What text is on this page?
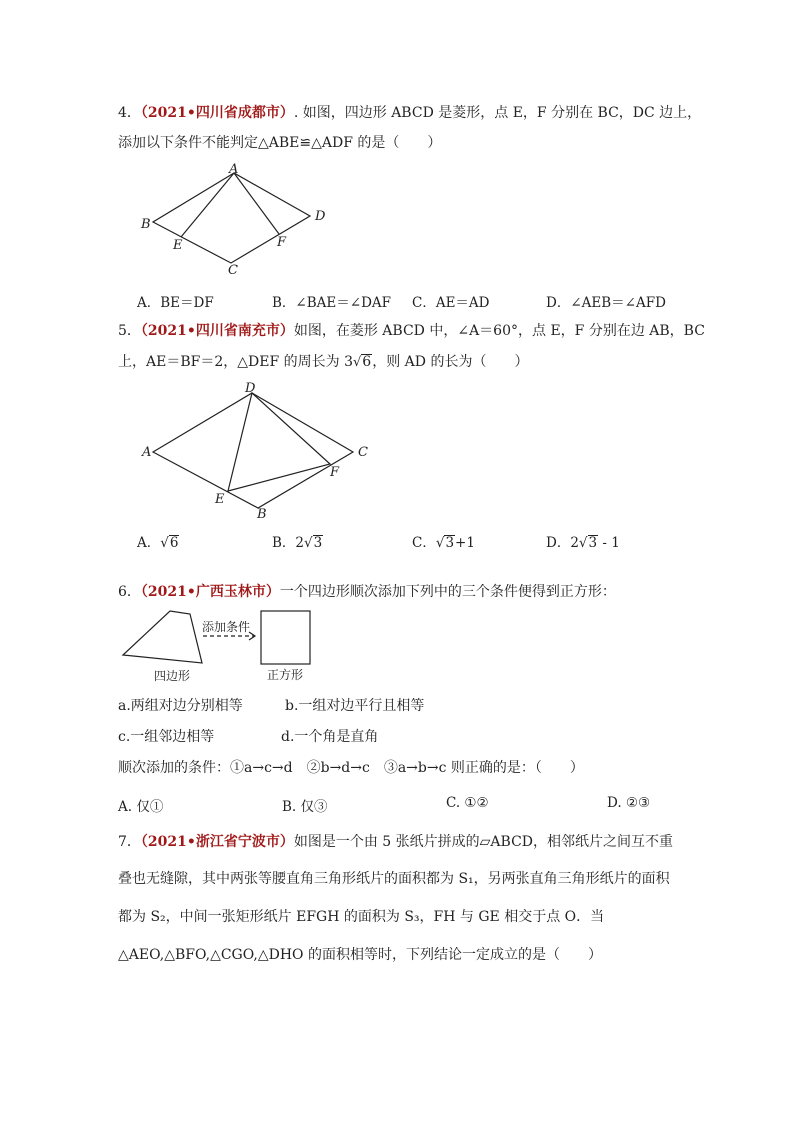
4．（2021•四川省成都市）. 如图，四边形 ABCD 是菱形，点 E，F 分别在 BC，DC 边上，
添加以下条件不能判定△ABE≌△ADF 的是（　　）
A
B
C
D
E	F
A．BE＝DF	B．∠BAE＝∠DAF C．AE＝AD	D．∠AEB＝∠AFD
5．（2021•四川省南充市）如图，在菱形 ABCD 中，∠A＝60°，点 E，F 分别在边 AB，BC
上，AE＝BF＝2，△DEF 的周长为 3√6，则 AD 的长为（　　）
A
B
C
D
E
F
A．√6	B．2√3	C．√3+1	D．2√3 - 1
6．（2021•广西玉林市）一个四边形顺次添加下列中的三个条件便得到正方形：
添加条件
四边形	正方形
a.两组对边分别相等	b.一组对边平行且相等
c.一组邻边相等	d.一个角是直角
顺次添加的条件：①a→c→d　②b→d→c　③a→b→c 则正确的是：（　　）
A. 仅①	B. 仅③	C. ①②	D. ②③
7．（2021•浙江省宁波市）如图是一个由 5 张纸片拼成的▱ABCD，相邻纸片之间互不重
叠也无缝隙，其中两张等腰直角三角形纸片的面积都为 S₁，另两张直角三角形纸片的面积
都为 S₂，中间一张矩形纸片 EFGH 的面积为 S₃，FH 与 GE 相交于点 O．当
△AEO,△BFO,△CGO,△DHO 的面积相等时，下列结论一定成立的是（　　）
